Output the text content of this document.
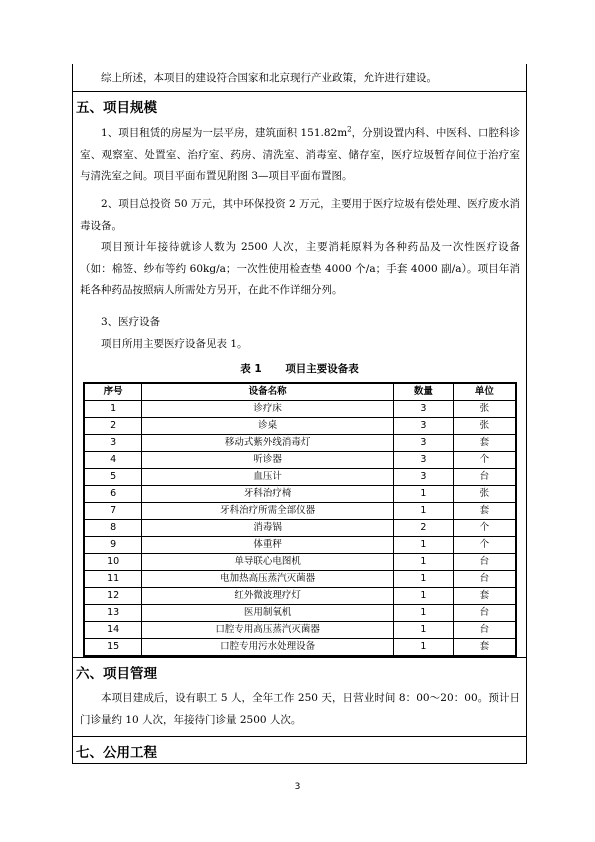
综上所述，本项目的建设符合国家和北京现行产业政策，允许进行建设。

五、项目规模

1、项目租赁的房屋为一层平房，建筑面积 $151.82m^2$，分别设置内科、中医科、口腔科诊室、观察室、处置室、治疗室、药房、清洗室、消毒室、储存室，医疗垃圾暂存间位于治疗室与清洗室之间。项目平面布置见附图 3—项目平面布置图。

2、项目总投资 50 万元，其中环保投资 2 万元，主要用于医疗垃圾有偿处理、医疗废水消毒设备。

项目预计年接待就诊人数为 2500 人次，主要消耗原料为各种药品及一次性医疗设备（如：棉签、纱布等约 60kg/a；一次性使用检查垫 4000 个/a；手套 4000 副/a）。项目年消耗各种药品按照病人所需处方另开，在此不作详细分列。

3、医疗设备

项目所用主要医疗设备见表 1。

表 1 项目主要设备表
序号	设备名称	数量	单位
1	诊疗床	3	张
2	诊桌	3	张
3	移动式紫外线消毒灯	3	套
4	听诊器	3	个
5	血压计	3	台
6	牙科治疗椅	1	张
7	牙科治疗所需全部仪器	1	套
8	消毒锅	2	个
9	体重秤	1	个
10	单导联心电图机	1	台
11	电加热高压蒸汽灭菌器	1	台
12	红外微波理疗灯	1	套
13	医用制氧机	1	台
14	口腔专用高压蒸汽灭菌器	1	台
15	口腔专用污水处理设备	1	套

六、项目管理

本项目建成后，设有职工 5 人，全年工作 250 天，日营业时间 8：00～20：00。预计日门诊量约 10 人次，年接待门诊量 2500 人次。

七、公用工程

3
